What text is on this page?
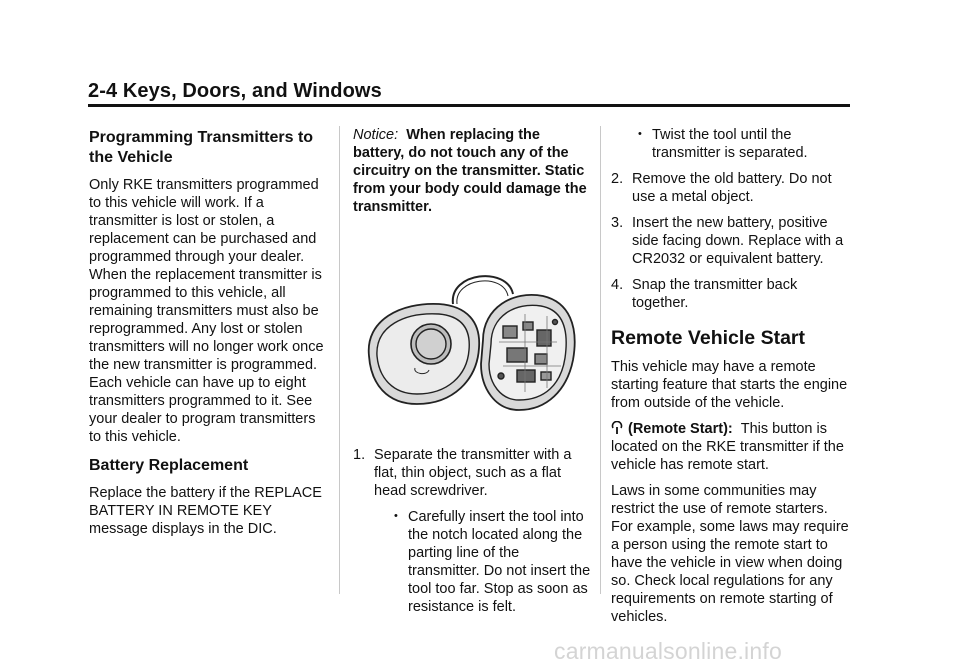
2-4 Keys, Doors, and Windows
Programming Transmitters to the Vehicle

Only RKE transmitters programmed to this vehicle will work. If a transmitter is lost or stolen, a replacement can be purchased and programmed through your dealer. When the replacement transmitter is programmed to this vehicle, all remaining transmitters must also be reprogrammed. Any lost or stolen transmitters will no longer work once the new transmitter is programmed. Each vehicle can have up to eight transmitters programmed to it. See your dealer to program transmitters to this vehicle.

Battery Replacement

Replace the battery if the REPLACE BATTERY IN REMOTE KEY message displays in the DIC.

Notice: When replacing the battery, do not touch any of the circuitry on the transmitter. Static from your body could damage the transmitter.

1. Separate the transmitter with a flat, thin object, such as a flat head screwdriver.
• Carefully insert the tool into the notch located along the parting line of the transmitter. Do not insert the tool too far. Stop as soon as resistance is felt.
• Twist the tool until the transmitter is separated.
2. Remove the old battery. Do not use a metal object.
3. Insert the new battery, positive side facing down. Replace with a CR2032 or equivalent battery.
4. Snap the transmitter back together.
Remote Vehicle Start

This vehicle may have a remote starting feature that starts the engine from outside of the vehicle.

(Remote Start): This button is located on the RKE transmitter if the vehicle has remote start.

Laws in some communities may restrict the use of remote starters. For example, some laws may require a person using the remote start to have the vehicle in view when doing so. Check local regulations for any requirements on remote starting of vehicles.

carmanualsonline.info
